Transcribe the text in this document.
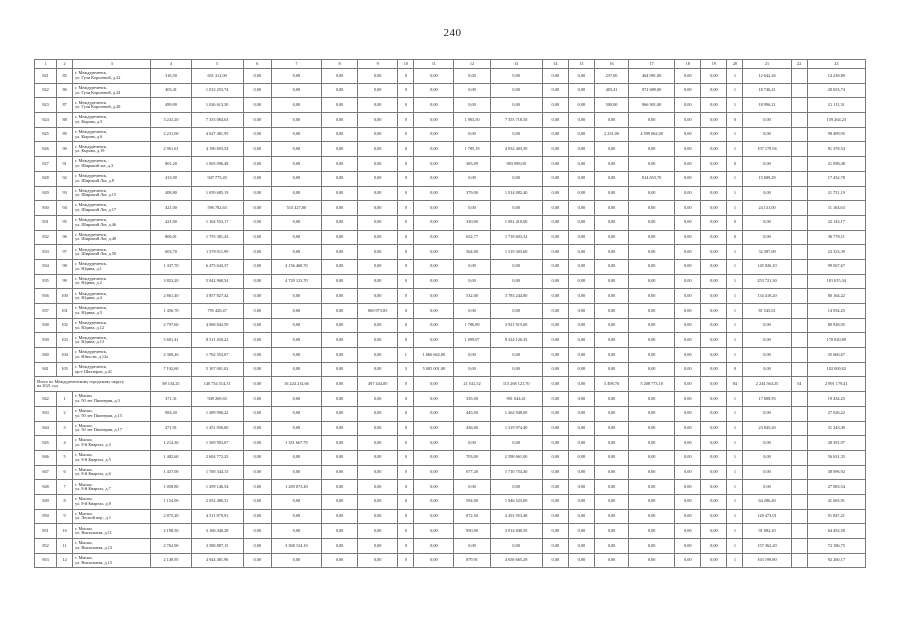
240
1	2	3	4	5	6	7	8	9	10	11	12	13	14	15	16	17	18	19	20	21	22	23
821	85	г. Междуреченск,
ул. Гули Королевой, д.22	316,50	651 312,00	0,00	0,00	0,00	0,00	0	0,00	0,00	0,00	0,00	0,00	237,00	464 981,00	0,00	0,00	1	12 642,26		14 238,89
822	86	г. Междуреченск,
ул. Гули Королевой, д.24	403,41	1 012 253,74	0,00	0,00	0,00	0,00	0	0,00	0,00	0,00	0,00	0,00	403,41	972 689,00	0,00	0,00	1	18 746,21		20 653,74
823	87	г. Междуреченск,
ул. Гули Королевой, д.28	499,90	1 026 613,30	0,00	0,00	0,00	0,00	0	0,00	0,00	0,00	0,00	0,00	500,00	966 901,00	0,00	0,00	1	18 996,21		21 111,31
824	88	г. Междуреченск,
ул. Кирова, д.5	3 241,20	7 353 084,63	0,00	0,00	0,00	0,00	0	0,00	1 903,50	7 353 718,50	0,00	0,00	0,00	0,00	0,00	0,00	0	0,00		159 264,23
825	89	г. Междуреченск,
ул. Кирова, д.6	2 231,00	4 627 481,95	0,00	0,00	0,00	0,00	0	0,00	0,00	0,00	0,00	0,00	2 231,00	4 599 062,00	0,00	0,00	1	0,00		98 499,95
826	90	г. Междуреченск,
ул. Кирова, д.19	2 961,61	4 196 693,54	0,00	0,00	0,00	0,00	0	0,00	1 785,19	4 032 403,50	0,00	0,00	0,00	0,00	0,00	0,00	1	107 179,94		81 378,54
827	91	г. Междуреченск,
ул. Широкий лог, д.3	801,20	1 005 096,48	0,00	0,00	0,00	0,00	0	0,00	383,09	983 998,00	0,00	0,00	0,00	0,00	0,00	0,00	0	0,00		21 098,48
828	92	г. Междуреченск,
ул. Широкий Лог, д.8	413,90	947 775,45	0,00	0,00	0,00	0,00	0	0,00	0,00	0,00	0,00	0,00	0,00	814 653,70	0,00	0,00	1	15 689,29		17 432,78
829	93	г. Междуреченск,
ул. Широкий Лог, д.15	408,80	1 059 685,19	0,00	0,00	0,00	0,00	0	0,00	379,00	1 014 082,40	0,00	0,00	0,00	0,00	0,00	0,00	1	0,00		21 751,19
830	94	г. Междуреченск,
ул. Широкий Лог, д.17	421,00	596 782,63	0,00	515 427,00	0,00	0,00	0	0,00	0,00	0,00	0,00	0,00	0,00	0,00	0,00	0,00	1	24 131,00		11 104,63
831	95	г. Междуреченск,
ул. Широкий Лог, д.46	421,90	1 104 553,17	0,00	0,00	0,00	0,00	0	0,00	330,00	1 081 410,00	0,00	0,00	0,00	0,00	0,00	0,00	0	0,00		22 143,17
832	96	г. Междуреченск,
ул. Широкий Лог, д.48	806,01	1 755 381,43	0,00	0,00	0,00	0,00	0	0,00	652,77	1 718 603,32	0,00	0,00	0,00	0,00	0,00	0,00	0	0,00		36 778,11
833	97	г. Междуреченск,
ул. Широкий Лог, д.50	603,70	1 578 011,99	0,00	0,00	0,00	0,00	0	0,00	564,00	1 519 303,60	0,00	0,00	0,00	0,00	0,00	0,00	1	32 387,69		23 323,39
834	98	г. Междуреченск,
ул. Юдина, д.1	1 437,70	6 475 643,37	0,00	4 156 468,70	0,00	0,00	0	0,00	0,00	0,00	0,00	0,00	0,00	0,00	0,00	0,00	1	145 826,10		99 567,67
835	99	г. Междуреченск,
ул. Юдина, д.2	3 852,20	5 042 968,54	0,00	4 729 123,70	0,00	0,00	0	0,00	0,00	0,00	0,00	0,00	0,00	0,00	0,00	0,00	1	253 721,30		181 015,34
836	100	г. Междуреченск,
ул. Юдина, д.4	2 861,40	3 857 827,42	0,00	0,00	0,00	0,00	0	0,00	532,00	3 783 244,80	0,00	0,00	0,00	0,00	0,00	0,00	1	134 418,20		80 164,22
837	101	г. Междуреченск,
ул. Юдина, д.5	1 456,70	795 420,47	0,00	0,00	0,00	860 973,85	0	0,00	0,00	0,00	0,00	0,00	0,00	0,00	0,00	0,00	1	81 545,61		14 934,25
838	102	г. Междуреченск,
ул. Юдина, д.12	2 797,60	4 068 842,59	0,00	0,00	0,00	0,00	0	0,00	1 786,89	3 921 915,60	0,00	0,00	0,00	0,00	0,00	0,00	1	0,00		80 928,05
839	103	г. Междуреченск,
ул. Юдина, д.13	5 601,41	8 511 450,22	0,00	0,00	0,00	0,00	0	0,00	1 099,07	8 324 126,35	0,00	0,00	0,00	0,00	0,00	0,00	1	0,00		178 820,89
840	104	г. Междуреченск,
ул. Юности, д.12а	2 369,26	1 702 353,67	0,00	0,00	0,00	0,00	1	1 666 662,00	0,00	0,00	0,00	0,00	0,00	0,00	0,00	0,00	1	0,00		35 660,67
841	105	г. Междуреченск,
пр-т Шахтеров, д.41	7 192,60	5 107 001,02	0,00	0,00	0,00	0,00	3	5 005 001,00	0,00	0,00	0,00	0,00	0,00	0,00	0,00	0,00	0	0,00		102 000,02
Итого по Междуреченскому городскому округу
на 2021 год			88 134,25	140 754 514,31	0,00	16 224 214,66	0,00	497 444,00	0	0,00	21 541,52	115 268 121,70	0,00	0,00	3 498,76	5 208 773,10	0,00	0,00	84	2 244 564,35	54	2 891 179,41
842	1	г. Мыски,
ул. 50 лет Пионерии, д.3	371,31	949 269,65	0,00	0,00	0,00	0,00	0	0,00	335,00	901 044,41	0,00	0,00	0,00	0,00	0,00	0,00	1	17 688,93		19 434,25
843	2	г. Мыски,
ул. 50 лет Пионерии, д.15	984,20	1 289 906,22	0,00	0,00	0,00	0,00	0	0,00	445,00	1 262 948,00	0,00	0,00	0,00	0,00	0,00	0,00	1	0,00		27 026,22
844	3	г. Мыски,
ул. 50 лет Пионерии, д.17	471,91	1 451 056,60	0,00	0,00	0,00	0,00	0	0,00	436,00	1 319 974,40	0,00	0,00	0,00	0,00	0,00	0,00	1	23 845,20		31 243,49
845	4	г. Мыски,
ул. 8-й Квартал, д.3	1 214,30	1 569 903,67	0,00	1 351 667,79	0,00	0,00	0	0,00	0,00	0,00	0,00	0,00	0,00	0,00	0,00	0,00	1	0,00		28 391,97
846	5	г. Мыски,
ул. 8-й Квартал, д.5	1 482,60	2 604 772,25	0,00	0,00	0,00	0,00	0	0,00	703,00	2 598 661,00	0,00	0,00	0,00	0,00	0,00	0,00	1	0,00		56 631,35
847	6	г. Мыски,
ул. 8-й Квартал, д.6	1 437,00	1 768 344,15	0,00	0,00	0,00	0,00	0	0,00	677,20	1 710 734,40	0,00	0,00	0,00	0,00	0,00	0,00	1	0,00		38 096,92
848	7	г. Мыски,
ул. 8-й Квартал, д.7	1 058,80	1 299 146,54	0,00	1 269 073,40	0,00	0,00	0	0,00	0,00	0,00	0,00	0,00	0,00	0,00	0,00	0,00	1	0,00		27 083,54
849	8	г. Мыски,
ул. 8-й Квартал, д.8	1 154,90	2 052 480,31	0,00	0,00	0,00	0,00	0	0,00	594,00	1 946 523,00	0,00	0,00	0,00	0,00	0,00	0,00	1	64 286,40		41 665,91
850	9	г. Мыски,
ул. Лесной пер., д.1	2 875,20	4 511 870,91	0,00	0,00	0,00	0,00	0	0,00	872,50	4 291 953,48	0,00	0,00	0,00	0,00	0,00	0,00	1	129 473,01		91 847,21
851	10	г. Мыски,
ул. Вокзальная, д.11	2 198,50	3 168 440,28	0,00	0,00	0,00	0,00	0	0,00	950,00	3 014 840,50	0,00	0,00	0,00	0,00	0,00	0,00	1	91 082,20		64 452,58
852	11	г. Мыски,
ул. Вокзальная, д.13	2 762,90	3 588 887,15	0,00	3 368 134,10	0,00	0,00	0	0,00	0,00	0,00	0,00	0,00	0,00	0,00	0,00	0,00	1	157 362,20		72 186,75
853	12	г. Мыски,
ул. Вокзальная, д.15	2 149,95	4 944 481,96	0,00	0,00	0,00	0,00	0	0,00	879,91	4 658 665,29	0,00	0,00	0,00	0,00	0,00	0,00	1	163 199,80		92 260,17
